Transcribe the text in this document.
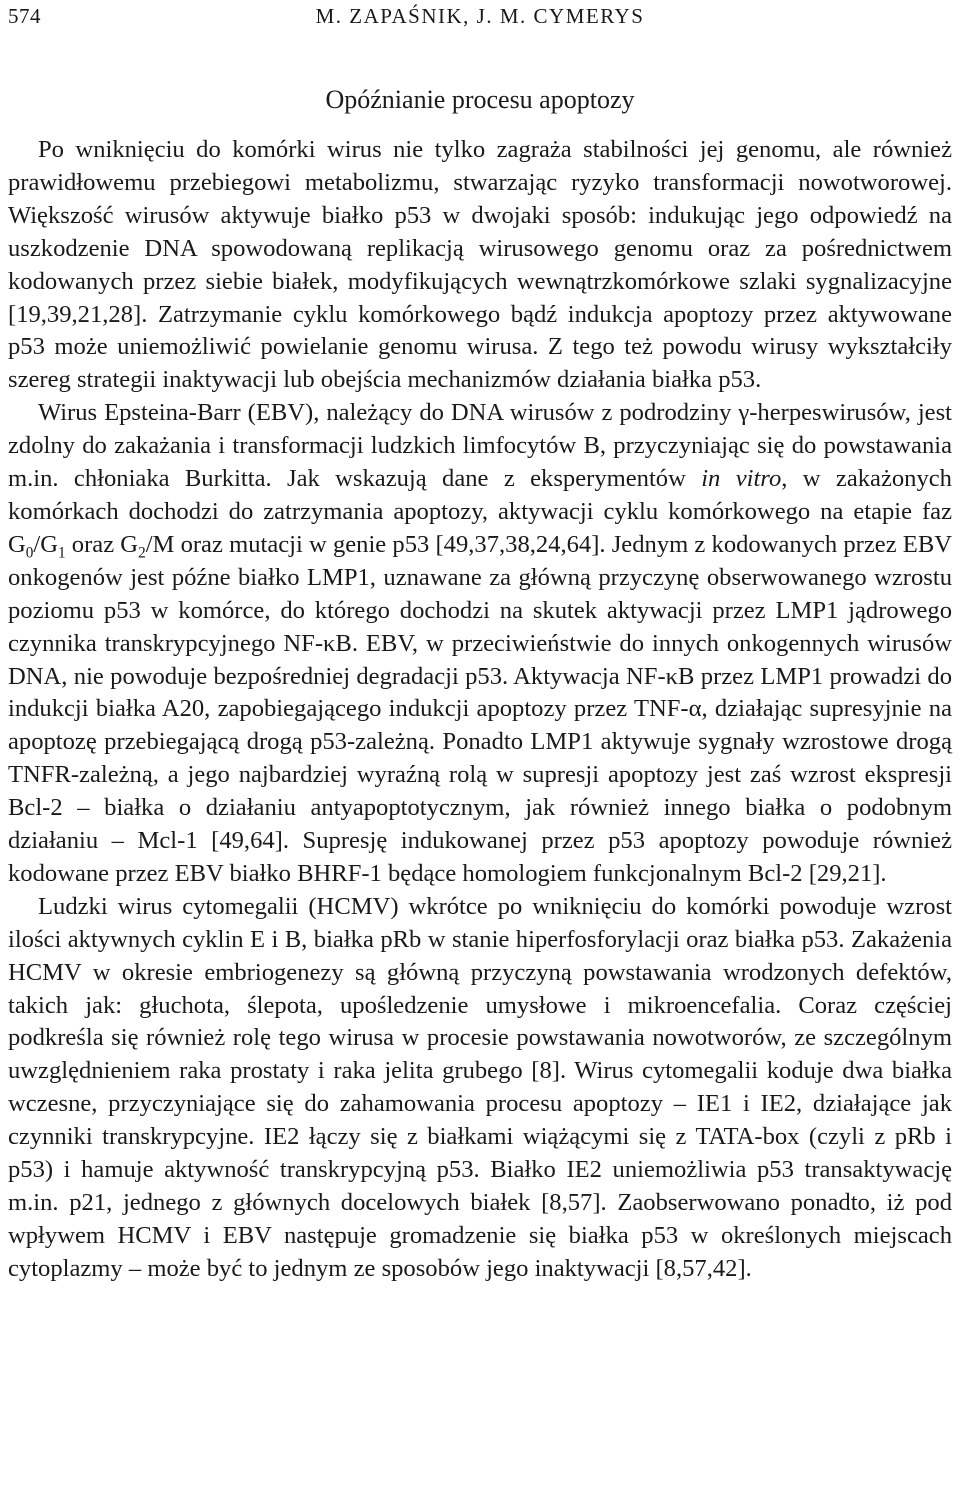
574	M. ZAPAŚNIK, J. M. CYMERYS
Opóźnianie procesu apoptozy

Po wniknięciu do komórki wirus nie tylko zagraża stabilności jej genomu, ale również prawidłowemu przebiegowi metabolizmu, stwarzając ryzyko transformacji nowotworowej. Większość wirusów aktywuje białko p53 w dwojaki sposób: indukując jego odpowiedź na uszkodzenie DNA spowodowaną replikacją wirusowego genomu oraz za pośrednictwem kodowanych przez siebie białek, modyfikujących wewnątrzkomórkowe szlaki sygnalizacyjne [19,39,21,28]. Zatrzymanie cyklu komórkowego bądź indukcja apoptozy przez aktywowane p53 może uniemożliwić powielanie genomu wirusa. Z tego też powodu wirusy wykształciły szereg strategii inaktywacji lub obejścia mechanizmów działania białka p53.

Wirus Epsteina-Barr (EBV), należący do DNA wirusów z podrodziny γ-herpeswirusów, jest zdolny do zakażania i transformacji ludzkich limfocytów B, przyczyniając się do powstawania m.in. chłoniaka Burkitta. Jak wskazują dane z eksperymentów in vitro, w zakażonych komórkach dochodzi do zatrzymania apoptozy, aktywacji cyklu komórkowego na etapie faz $G_0/G_1$ oraz $G_2/M$ oraz mutacji w genie p53 [49,37,38,24,64]. Jednym z kodowanych przez EBV onkogenów jest późne białko LMP1, uznawane za główną przyczynę obserwowanego wzrostu poziomu p53 w komórce, do którego dochodzi na skutek aktywacji przez LMP1 jądrowego czynnika transkrypcyjnego NF-κB. EBV, w przeciwieństwie do innych onkogennych wirusów DNA, nie powoduje bezpośredniej degradacji p53. Aktywacja NF-κB przez LMP1 prowadzi do indukcji białka A20, zapobiegającego indukcji apoptozy przez TNF-α, działając supresyjnie na apoptozę przebiegającą drogą p53-zależną. Ponadto LMP1 aktywuje sygnały wzrostowe drogą TNFR-zależną, a jego najbardziej wyraźną rolą w supresji apoptozy jest zaś wzrost ekspresji Bcl-2 – białka o działaniu antyapoptotycznym, jak również innego białka o podobnym działaniu – Mcl-1 [49,64]. Supresję indukowanej przez p53 apoptozy powoduje również kodowane przez EBV białko BHRF-1 będące homologiem funkcjonalnym Bcl-2 [29,21].

Ludzki wirus cytomegalii (HCMV) wkrótce po wniknięciu do komórki powoduje wzrost ilości aktywnych cyklin E i B, białka pRb w stanie hiperfosforylacji oraz białka p53. Zakażenia HCMV w okresie embriogenezy są główną przyczyną powstawania wrodzonych defektów, takich jak: głuchota, ślepota, upośledzenie umysłowe i mikroencefalia. Coraz częściej podkreśla się również rolę tego wirusa w procesie powstawania nowotworów, ze szczególnym uwzględnieniem raka prostaty i raka jelita grubego [8]. Wirus cytomegalii koduje dwa białka wczesne, przyczyniające się do zahamowania procesu apoptozy – IE1 i IE2, działające jak czynniki transkrypcyjne. IE2 łączy się z białkami wiążącymi się z TATA-box (czyli z pRb i p53) i hamuje aktywność transkrypcyjną p53. Białko IE2 uniemożliwia p53 transaktywację m.in. p21, jednego z głównych docelowych białek [8,57]. Zaobserwowano ponadto, iż pod wpływem HCMV i EBV następuje gromadzenie się białka p53 w określonych miejscach cytoplazmy – może być to jednym ze sposobów jego inaktywacji [8,57,42].
